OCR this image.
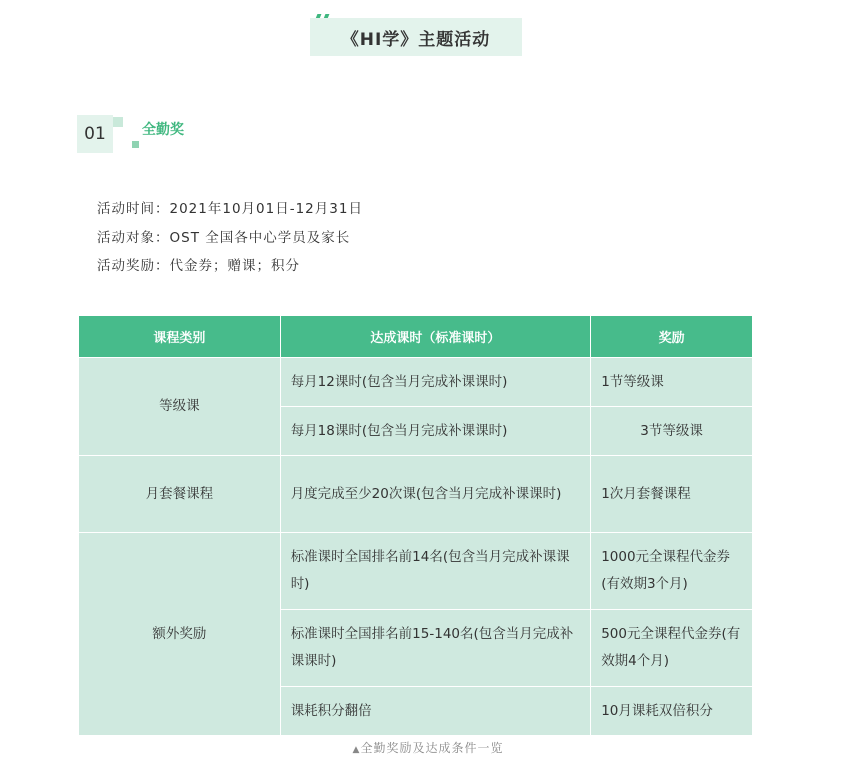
《HI学》主题活动
01	全勤奖
活动时间：2021年10月01日-12月31日
活动对象：OST 全国各中心学员及家长
活动奖励：代金券；赠课；积分
课程类别	达成课时（标准课时）	奖励
等级课	每月12课时(包含当月完成补课课时)	1节等级课
	每月18课时(包含当月完成补课课时)	3节等级课
月套餐课程	月度完成至少20次课(包含当月完成补课课时)	1次月套餐课程
额外奖励	标准课时全国排名前14名(包含当月完成补课课时)	1000元全课程代金券(有效期3个月)
	标准课时全国排名前15-140名(包含当月完成补课课时)	500元全课程代金券(有效期4个月)
	课耗积分翻倍	10月课耗双倍积分
▲全勤奖励及达成条件一览
